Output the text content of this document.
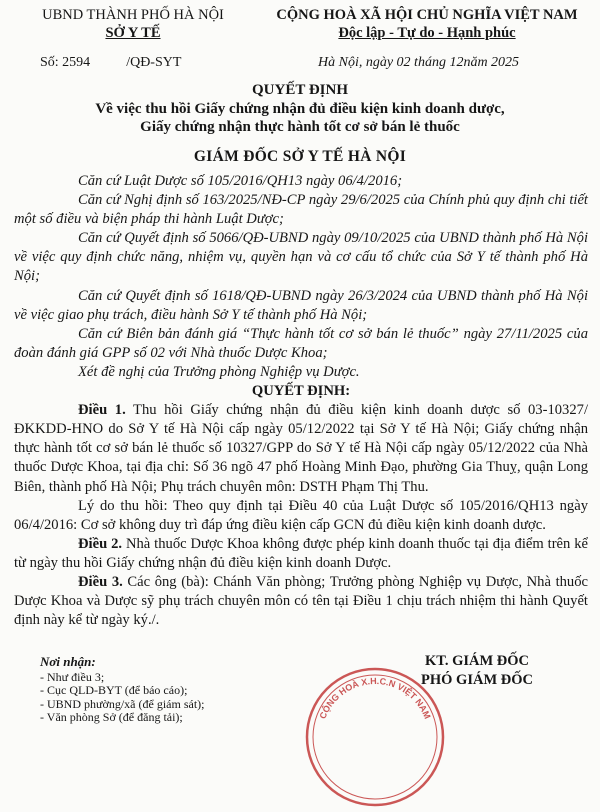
UBND THÀNH PHỐ HÀ NỘI
SỞ Y TẾ
CỘNG HOÀ XÃ HỘI CHỦ NGHĨA VIỆT NAM
Độc lập - Tự do - Hạnh phúc
Số: 2594	/QĐ-SYT	Hà Nội, ngày 02 tháng 12năm 2025
QUYẾT ĐỊNH
Về việc thu hồi Giấy chứng nhận đủ điều kiện kinh doanh dược,
Giấy chứng nhận thực hành tốt cơ sở bán lẻ thuốc
GIÁM ĐỐC SỞ Y TẾ HÀ NỘI

Căn cứ Luật Dược số 105/2016/QH13 ngày 06/4/2016;

Căn cứ Nghị định số 163/2025/NĐ-CP ngày 29/6/2025 của Chính phủ quy định chi tiết một số điều và biện pháp thi hành Luật Dược;

Căn cứ Quyết định số 5066/QĐ-UBND ngày 09/10/2025 của UBND thành phố Hà Nội về việc quy định chức năng, nhiệm vụ, quyền hạn và cơ cấu tổ chức của Sở Y tế thành phố Hà Nội;

Căn cứ Quyết định số 1618/QĐ-UBND ngày 26/3/2024 của UBND thành phố Hà Nội về việc giao phụ trách, điều hành Sở Y tế thành phố Hà Nội;

Căn cứ Biên bản đánh giá “Thực hành tốt cơ sở bán lẻ thuốc” ngày 27/11/2025 của đoàn đánh giá GPP số 02 với Nhà thuốc Dược Khoa;

Xét đề nghị của Trưởng phòng Nghiệp vụ Dược.

QUYẾT ĐỊNH:

Điều 1. Thu hồi Giấy chứng nhận đủ điều kiện kinh doanh dược số 03-10327/ĐKKDD-HNO do Sở Y tế Hà Nội cấp ngày 05/12/2022 tại Sở Y tế Hà Nội; Giấy chứng nhận thực hành tốt cơ sở bán lẻ thuốc số 10327/GPP do Sở Y tế Hà Nội cấp ngày 05/12/2022 của Nhà thuốc Dược Khoa, tại địa chỉ: Số 36 ngõ 47 phố Hoàng Minh Đạo, phường Gia Thuỵ, quận Long Biên, thành phố Hà Nội; Phụ trách chuyên môn: DSTH Phạm Thị Thu.

Lý do thu hồi: Theo quy định tại Điều 40 của Luật Dược số 105/2016/QH13 ngày 06/4/2016: Cơ sở không duy trì đáp ứng điều kiện cấp GCN đủ điều kiện kinh doanh dược.

Điều 2. Nhà thuốc Dược Khoa không được phép kinh doanh thuốc tại địa điểm trên kể từ ngày thu hồi Giấy chứng nhận đủ điều kiện kinh doanh Dược.

Điều 3. Các ông (bà): Chánh Văn phòng; Trưởng phòng Nghiệp vụ Dược, Nhà thuốc Dược Khoa và Dược sỹ phụ trách chuyên môn có tên tại Điều 1 chịu trách nhiệm thi hành Quyết định này kể từ ngày ký./.

Nơi nhận:
- Như điều 3;
- Cục QLD-BYT (để báo cáo);
- UBND phường/xã (để giám sát);
- Văn phòng Sở (để đăng tải);	CỘNG HOÀ X.H.C.N VIỆT NAM
KT. GIÁM ĐỐC
PHÓ GIÁM ĐỐC
